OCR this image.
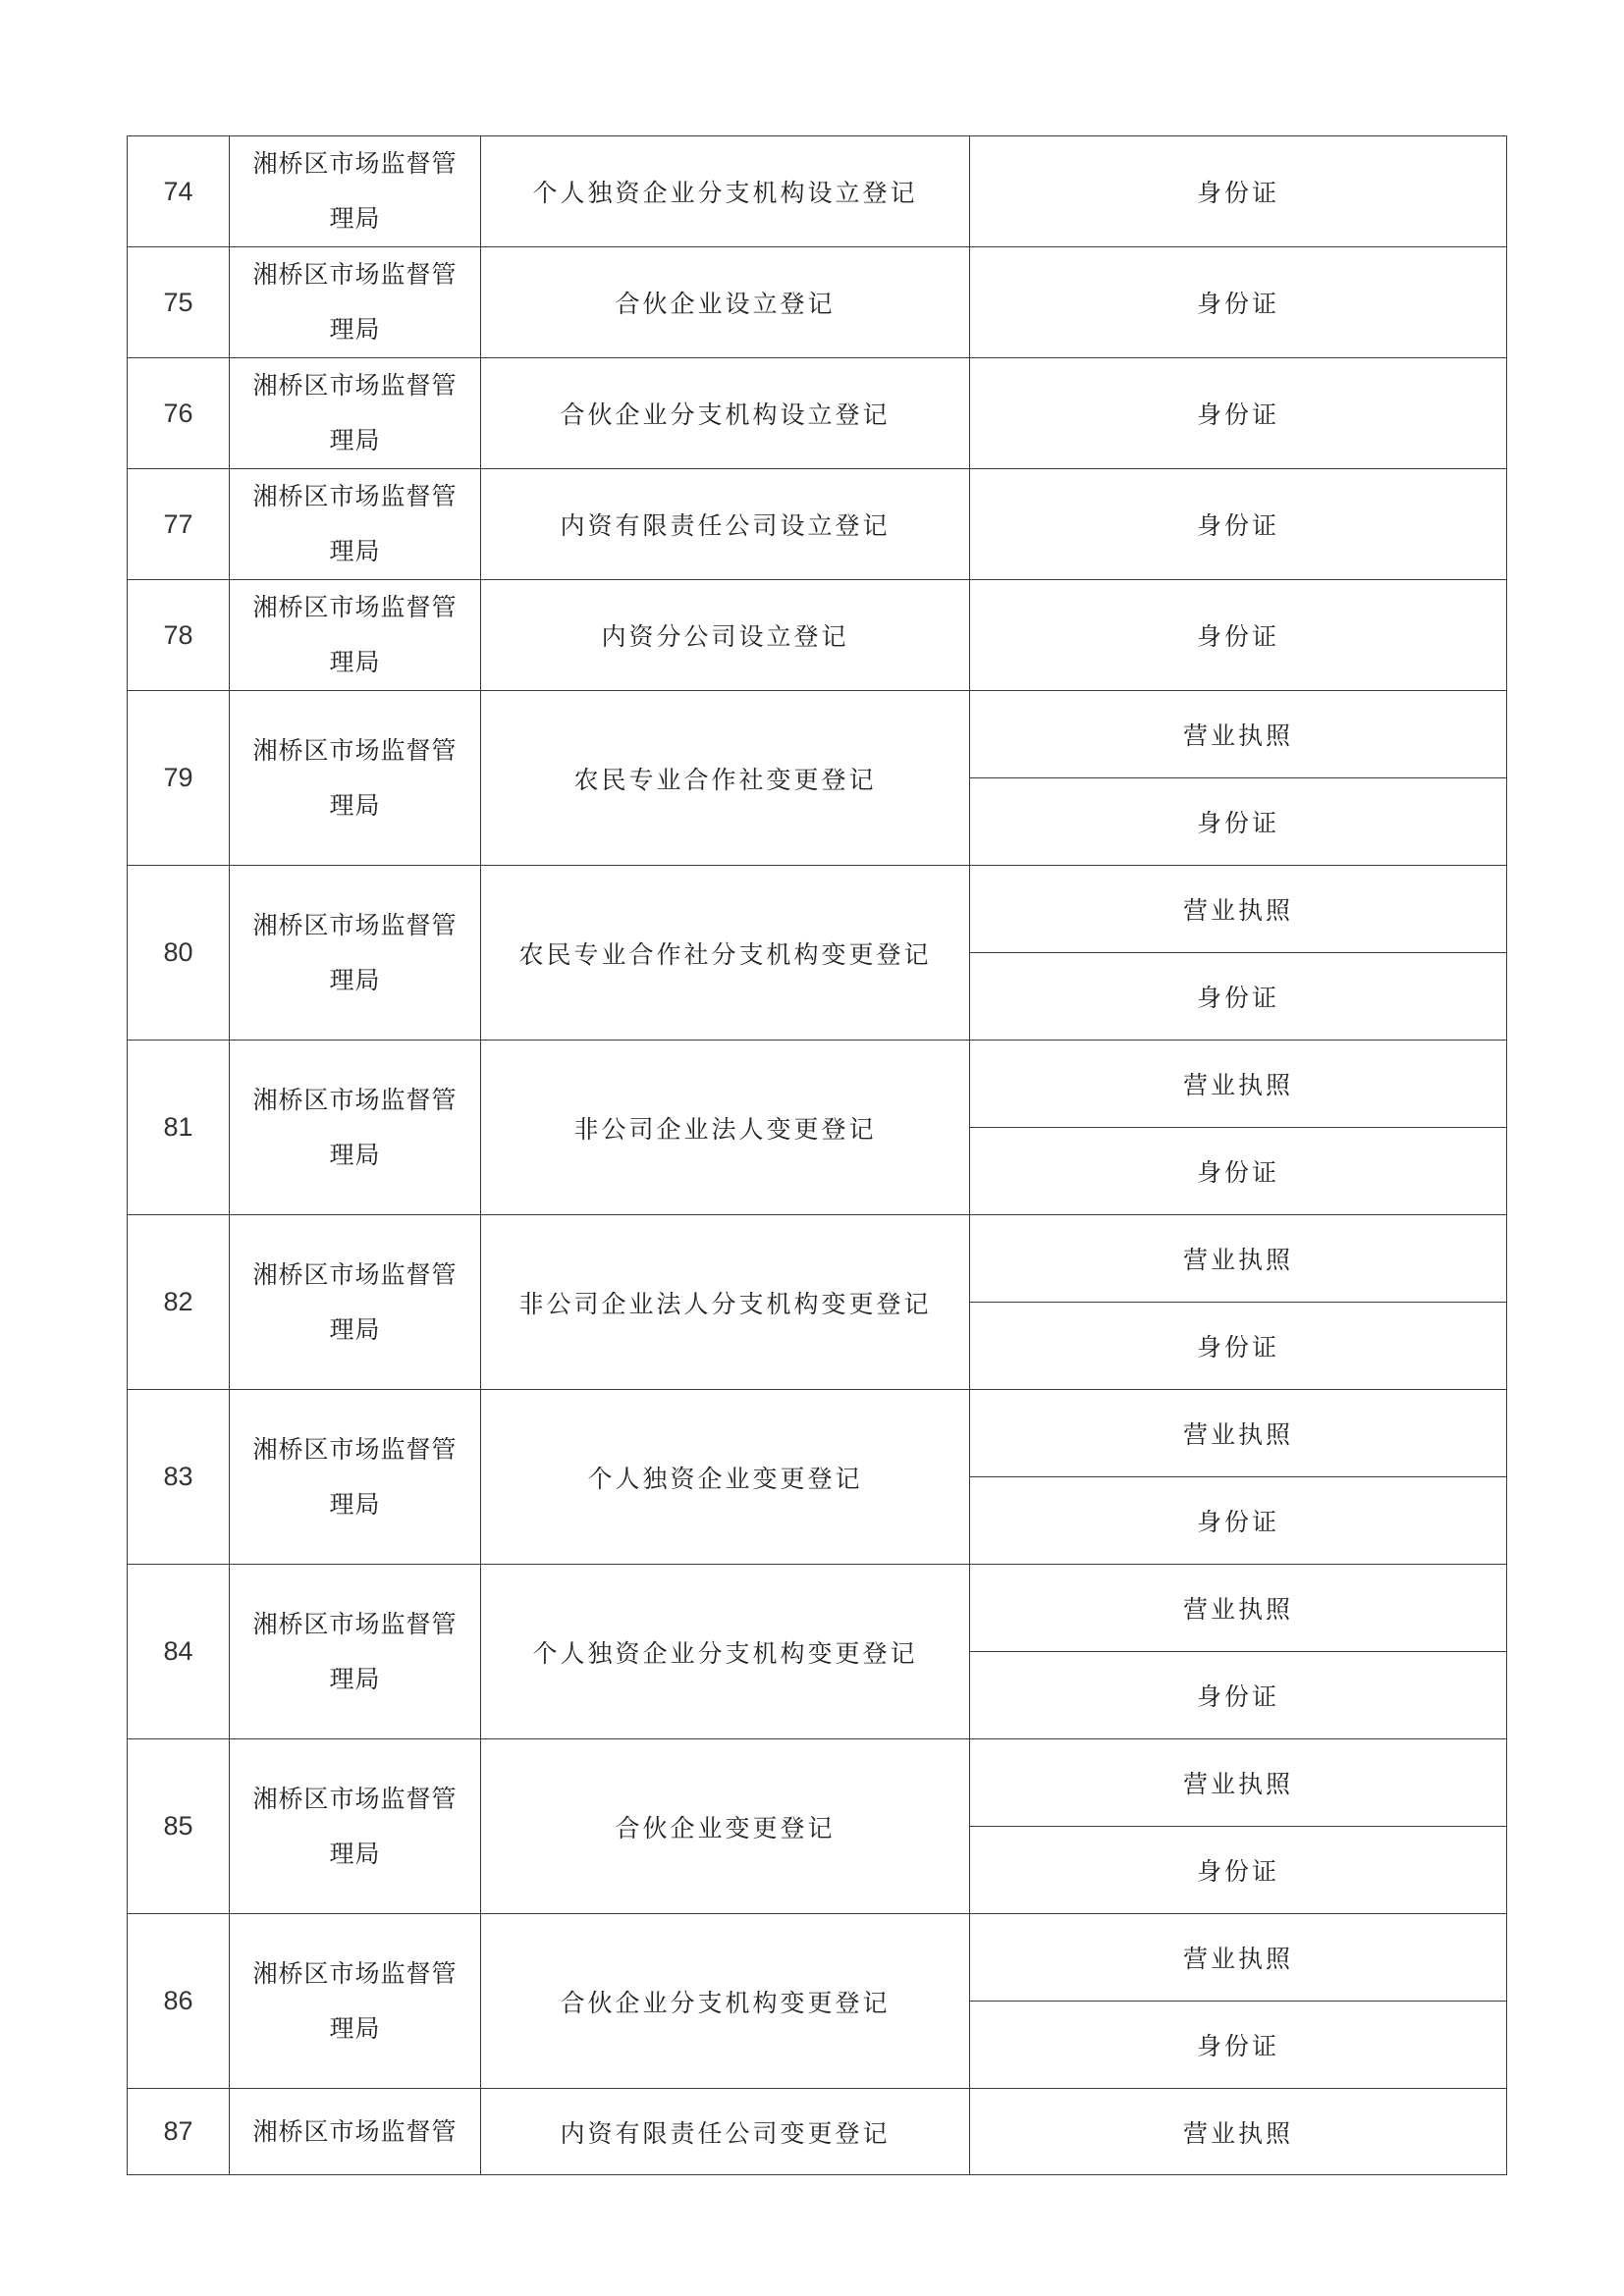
74	湘桥区市场监督管
理局	个人独资企业分支机构设立登记	身份证
75	湘桥区市场监督管
理局	合伙企业设立登记	身份证
76	湘桥区市场监督管
理局	合伙企业分支机构设立登记	身份证
77	湘桥区市场监督管
理局	内资有限责任公司设立登记	身份证
78	湘桥区市场监督管
理局	内资分公司设立登记	身份证
79	湘桥区市场监督管
理局	农民专业合作社变更登记	营业执照
			身份证
80	湘桥区市场监督管
理局	农民专业合作社分支机构变更登记	营业执照
			身份证
81	湘桥区市场监督管
理局	非公司企业法人变更登记	营业执照
			身份证
82	湘桥区市场监督管
理局	非公司企业法人分支机构变更登记	营业执照
			身份证
83	湘桥区市场监督管
理局	个人独资企业变更登记	营业执照
			身份证
84	湘桥区市场监督管
理局	个人独资企业分支机构变更登记	营业执照
			身份证
85	湘桥区市场监督管
理局	合伙企业变更登记	营业执照
			身份证
86	湘桥区市场监督管
理局	合伙企业分支机构变更登记	营业执照
			身份证
87	湘桥区市场监督管	内资有限责任公司变更登记	营业执照
